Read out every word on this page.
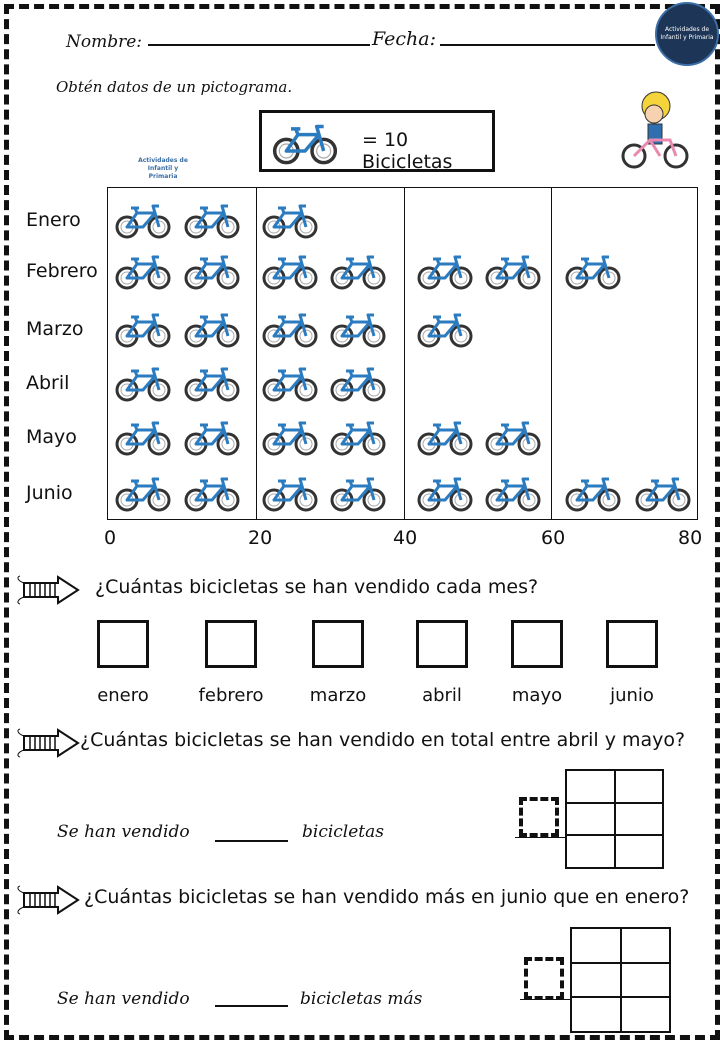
Nombre:	Fecha:	Actividades de Infantil y Primaria
Obtén datos de un pictograma.
Actividades de Infantil y Primaria
= 10 Bicicletas
Enero
Febrero
Marzo
Abril
Mayo
Junio
0	20	40	60	80
¿Cuántas bicicletas se han vendido cada mes?
enero	febrero	marzo	abril	mayo	junio
¿Cuántas bicicletas se han vendido en total entre abril y mayo?
Se han vendido	bicicletas
¿Cuántas bicicletas se han vendido más en junio que en enero?
Se han vendido	bicicletas más
